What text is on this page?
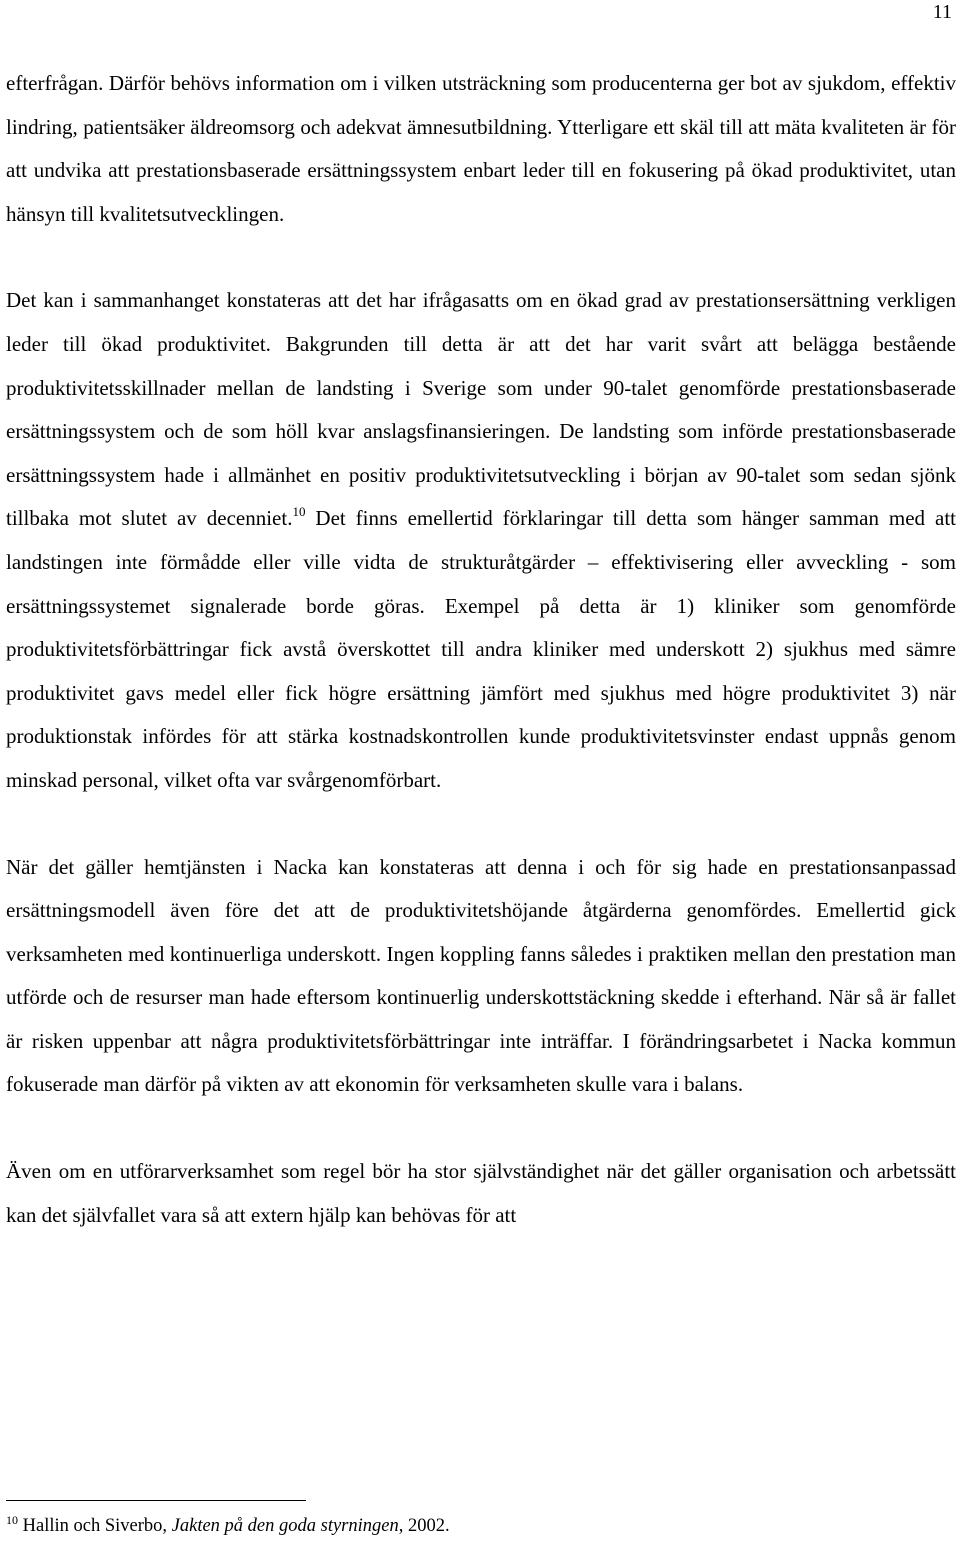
11

efterfrågan. Därför behövs information om i vilken utsträckning som producenterna ger bot av sjukdom, effektiv lindring, patientsäker äldreomsorg och adekvat ämnesutbildning. Ytterligare ett skäl till att mäta kvaliteten är för att undvika att prestationsbaserade ersättningssystem enbart leder till en fokusering på ökad produktivitet, utan hänsyn till kvalitetsutvecklingen.

Det kan i sammanhanget konstateras att det har ifrågasatts om en ökad grad av prestationsersättning verkligen leder till ökad produktivitet. Bakgrunden till detta är att det har varit svårt att belägga bestående produktivitetsskillnader mellan de landsting i Sverige som under 90-talet genomförde prestationsbaserade ersättningssystem och de som höll kvar anslagsfinansieringen. De landsting som införde prestationsbaserade ersättningssystem hade i allmänhet en positiv produktivitetsutveckling i början av 90-talet som sedan sjönk tillbaka mot slutet av decenniet.$^{10}$ Det finns emellertid förklaringar till detta som hänger samman med att landstingen inte förmådde eller ville vidta de strukturåtgärder – effektivisering eller avveckling - som ersättningssystemet signalerade borde göras. Exempel på detta är 1) kliniker som genomförde produktivitetsförbättringar fick avstå överskottet till andra kliniker med underskott 2) sjukhus med sämre produktivitet gavs medel eller fick högre ersättning jämfört med sjukhus med högre produktivitet 3) när produktionstak infördes för att stärka kostnadskontrollen kunde produktivitetsvinster endast uppnås genom minskad personal, vilket ofta var svårgenomförbart.

När det gäller hemtjänsten i Nacka kan konstateras att denna i och för sig hade en prestationsanpassad ersättningsmodell även före det att de produktivitetshöjande åtgärderna genomfördes. Emellertid gick verksamheten med kontinuerliga underskott. Ingen koppling fanns således i praktiken mellan den prestation man utförde och de resurser man hade eftersom kontinuerlig underskottstäckning skedde i efterhand. När så är fallet är risken uppenbar att några produktivitetsförbättringar inte inträffar. I förändringsarbetet i Nacka kommun fokuserade man därför på vikten av att ekonomin för verksamheten skulle vara i balans.

Även om en utförarverksamhet som regel bör ha stor självständighet när det gäller organisation och arbetssätt kan det självfallet vara så att extern hjälp kan behövas för att

$^{10}$ Hallin och Siverbo, Jakten på den goda styrningen, 2002.
